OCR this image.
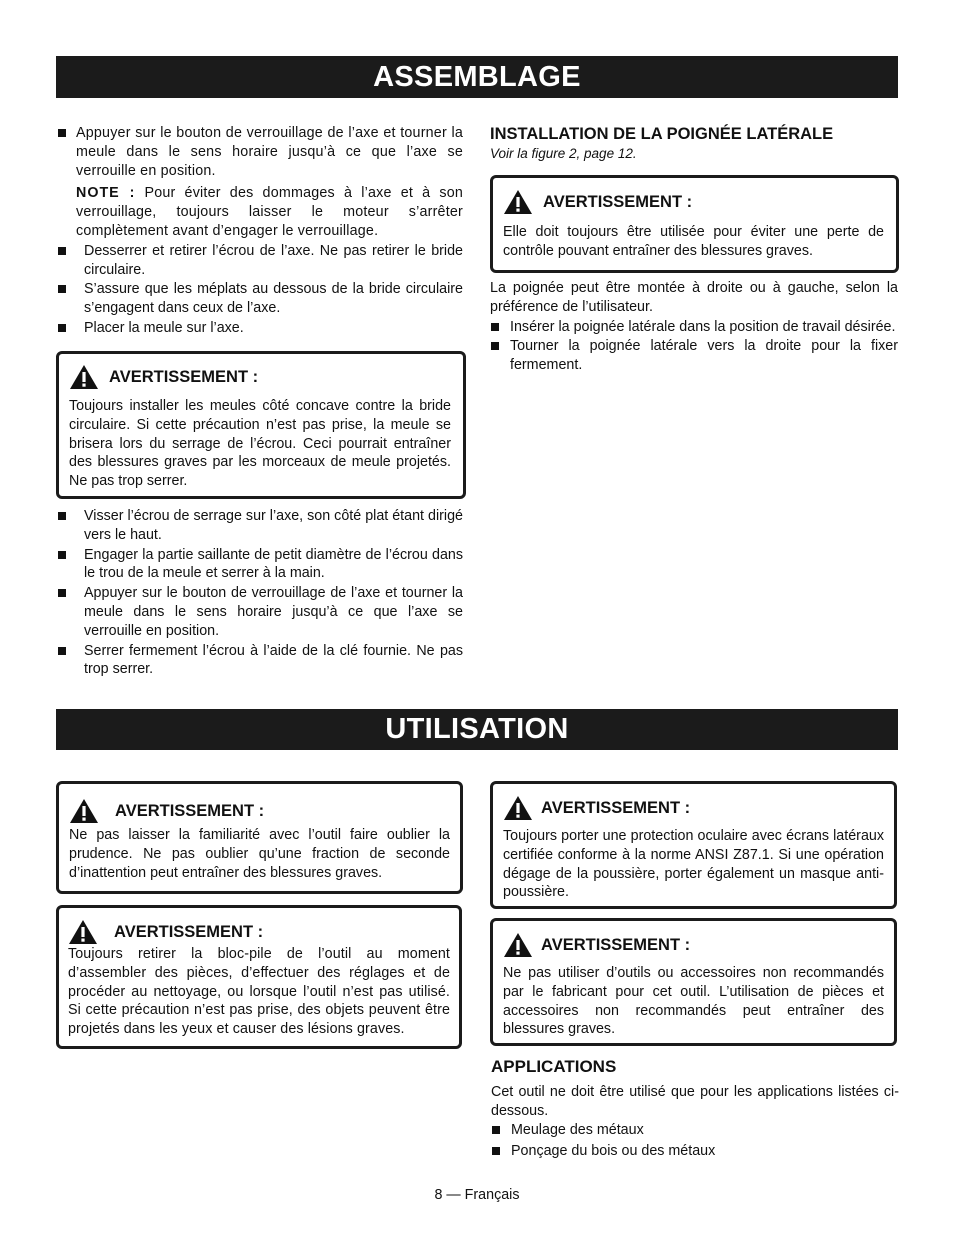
ASSEMBLAGE
Appuyer sur le bouton de verrouillage de l’axe et tourner la meule dans le sens horaire jusqu’à ce que l’axe se verrouille en position.

NOTE : Pour éviter des dommages à l’axe et à son verrouillage, toujours laisser le moteur s’arrêter complètement avant d’engager le verrouillage.

Desserrer et retirer l’écrou de l’axe. Ne pas retirer le bride circulaire.
S’assure que les méplats au dessous de la bride circulaire s’engagent dans ceux de l’axe.
Placer la meule sur l’axe.
AVERTISSEMENT :
Toujours installer les meules côté concave contre la bride circulaire. Si cette précaution n’est pas prise, la meule se brisera lors du serrage de l’écrou. Ceci pourrait entraîner des blessures graves par les morceaux de meule projetés. Ne pas trop serrer.
Visser l’écrou de serrage sur l’axe, son côté plat étant dirigé vers le haut.
Engager la partie saillante de petit diamètre de l’écrou dans le trou de la meule et serrer à la main.
Appuyer sur le bouton de verrouillage de l’axe et tourner la meule dans le sens horaire jusqu’à ce que l’axe se verrouille en position.
Serrer fermement l’écrou à l’aide de la clé fournie. Ne pas trop serrer.
INSTALLATION DE LA POIGNÉE LATÉRALE
Voir la figure 2, page 12.
AVERTISSEMENT :
Elle doit toujours être utilisée pour éviter une perte de contrôle pouvant entraîner des blessures graves.

La poignée peut être montée à droite ou à gauche, selon la préférence de l’utilisateur.

Insérer la poignée latérale dans la position de travail désirée.
Tourner la poignée latérale vers la droite pour la fixer fermement.
UTILISATION
AVERTISSEMENT :
Ne pas laisser la familiarité avec l’outil faire oublier la prudence. Ne pas oublier qu’une fraction de seconde d’inattention peut entraîner des blessures graves.
AVERTISSEMENT :
Toujours retirer la bloc-pile de l’outil au moment d’assembler des pièces, d’effectuer des réglages et de procéder au nettoyage, ou lorsque l’outil n’est pas utilisé. Si cette précaution n’est pas prise, des objets peuvent être projetés dans les yeux et causer des lésions graves.
AVERTISSEMENT :
Toujours porter une protection oculaire avec écrans latéraux certifiée conforme à la norme ANSI Z87.1. Si une opération dégage de la poussière, porter également un masque anti-poussière.
AVERTISSEMENT :
Ne pas utiliser d’outils ou accessoires non recommandés par le fabricant pour cet outil. L’utilisation de pièces et accessoires non recommandés peut entraîner des blessures graves.
APPLICATIONS

Cet outil ne doit être utilisé que pour les applications listées ci-dessous.

Meulage des métaux
Ponçage du bois ou des métaux
8 — Français
